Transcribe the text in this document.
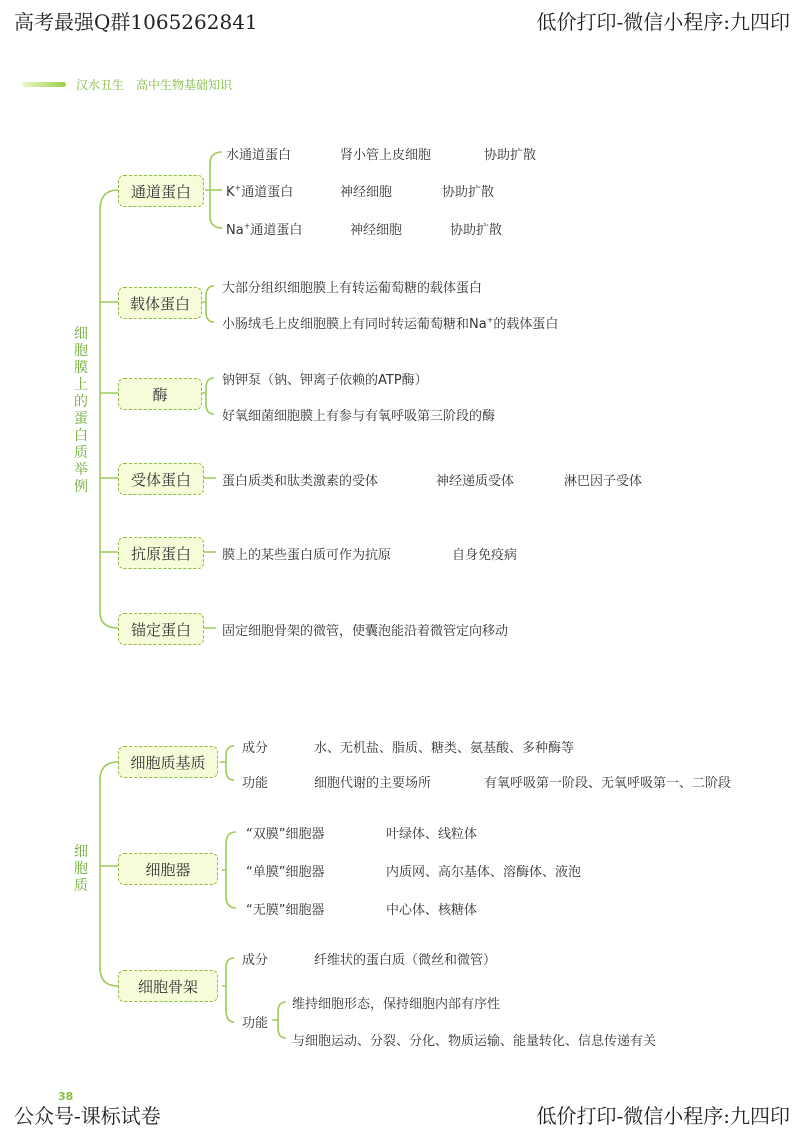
高考最强Q群1065262841	低价打印-微信小程序:九四印
公众号-课标试卷	低价打印-微信小程序:九四印
汉水丑生　高中生物基础知识
38
细胞膜上的蛋白质举例
通道蛋白
水通道蛋白	肾小管上皮细胞	协助扩散
K+通道蛋白	神经细胞	协助扩散
Na+通道蛋白	神经细胞	协助扩散
载体蛋白
大部分组织细胞膜上有转运葡萄糖的载体蛋白
小肠绒毛上皮细胞膜上有同时转运葡萄糖和Na+的载体蛋白
酶
钠钾泵（钠、钾离子依赖的ATP酶）
好氧细菌细胞膜上有参与有氧呼吸第三阶段的酶
受体蛋白	蛋白质类和肽类激素的受体	神经递质受体	淋巴因子受体
抗原蛋白	膜上的某些蛋白质可作为抗原	自身免疫病
锚定蛋白	固定细胞骨架的微管，使囊泡能沿着微管定向移动
细胞质
细胞质基质
成分	水、无机盐、脂质、糖类、氨基酸、多种酶等
功能	细胞代谢的主要场所	有氧呼吸第一阶段、无氧呼吸第一、二阶段
细胞器
“双膜”细胞器	叶绿体、线粒体
“单膜”细胞器	内质网、高尔基体、溶酶体、液泡
“无膜”细胞器	中心体、核糖体
细胞骨架
成分	纤维状的蛋白质（微丝和微管）
功能
维持细胞形态，保持细胞内部有序性
与细胞运动、分裂、分化、物质运输、能量转化、信息传递有关
